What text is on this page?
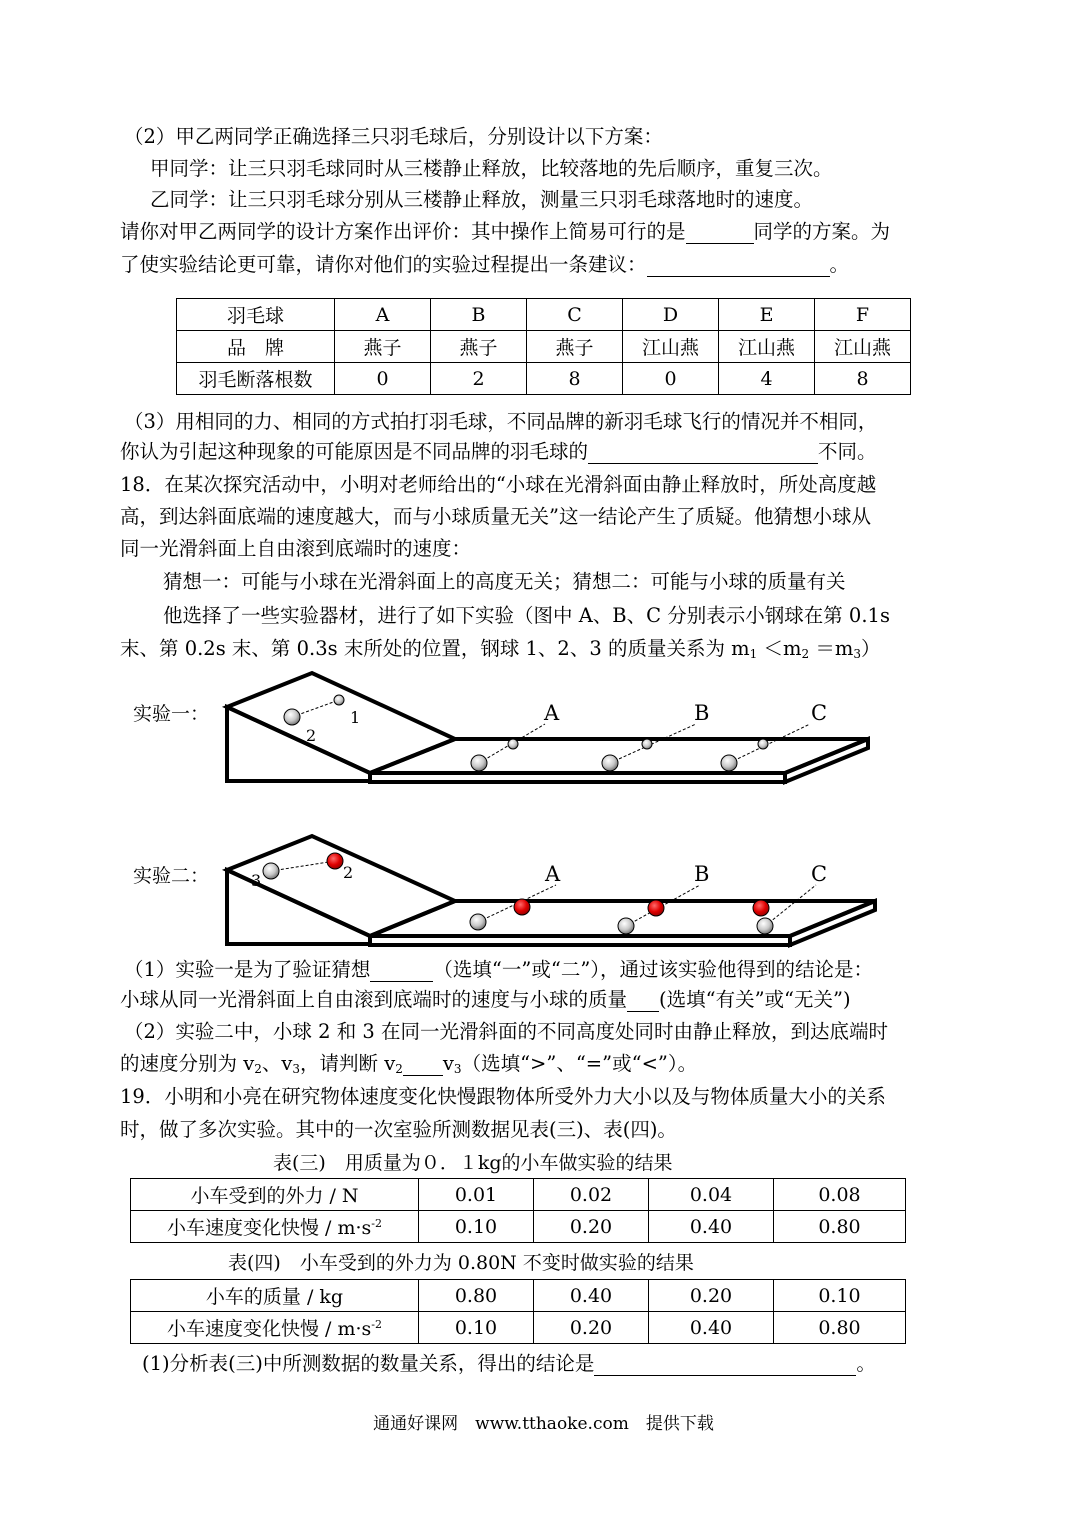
（2）甲乙两同学正确选择三只羽毛球后，分别设计以下方案：
甲同学：让三只羽毛球同时从三楼静止释放，比较落地的先后顺序，重复三次。
乙同学：让三只羽毛球分别从三楼静止释放，测量三只羽毛球落地时的速度。
请你对甲乙两同学的设计方案作出评价：其中操作上简易可行的是	同学的方案。为
了使实验结论更可靠，请你对他们的实验过程提出一条建议：	。
羽毛球	A	B	C	D	E	F
品　牌	燕子	燕子	燕子	江山燕	江山燕	江山燕
羽毛断落根数	0	2	8	0	4	8
（3）用相同的力、相同的方式拍打羽毛球，不同品牌的新羽毛球飞行的情况并不相同，
你认为引起这种现象的可能原因是不同品牌的羽毛球的	不同。
18．在某次探究活动中，小明对老师给出的“小球在光滑斜面由静止释放时，所处高度越
高，到达斜面底端的速度越大，而与小球质量无关”这一结论产生了质疑。他猜想小球从
同一光滑斜面上自由滚到底端时的速度：
猜想一：可能与小球在光滑斜面上的高度无关；猜想二：可能与小球的质量有关
他选择了一些实验器材，进行了如下实验（图中 A、B、C 分别表示小钢球在第 0.1s
末、第 0.2s 末、第 0.3s 末所处的位置，钢球 1、2、3 的质量关系为 $m_1 <m_2 =m_3$）
实验一：	1
2
A	B	C
实验二：	3	2	A	B	C
（1）实验一是为了验证猜想	（选填“一”或“二”），通过该实验他得到的结论是：
小球从同一光滑斜面上自由滚到底端时的速度与小球的质量 (选填“有关”或“无关”)
（2）实验二中，小球 2 和 3 在同一光滑斜面的不同高度处同时由静止释放，到达底端时
的速度分别为 $v_2$、$v_3$，请判断 $v_2$ $v_3$（选填“>”、“=”或“<”）。
19．小明和小亮在研究物体速度变化快慢跟物体所受外力大小以及与物体质量大小的关系
时，做了多次实验。其中的一次室验所测数据见表(三)、表(四)。
表(三)　用质量为０．１kg的小车做实验的结果
小车受到的外力 / N	0.01	0.02	0.04	0.08
小车速度变化快慢 / $m\cdot s^{-2}$	0.10	0.20	0.40	0.80
表(四)　小车受到的外力为 0.80N 不变时做实验的结果
小车的质量 / kg	0.80	0.40	0.20	0.10
小车速度变化快慢 / $m\cdot s^{-2}$	0.10	0.20	0.40	0.80
(1)分析表(三)中所测数据的数量关系，得出的结论是	。
通通好课网　www.tthaoke.com　提供下载
